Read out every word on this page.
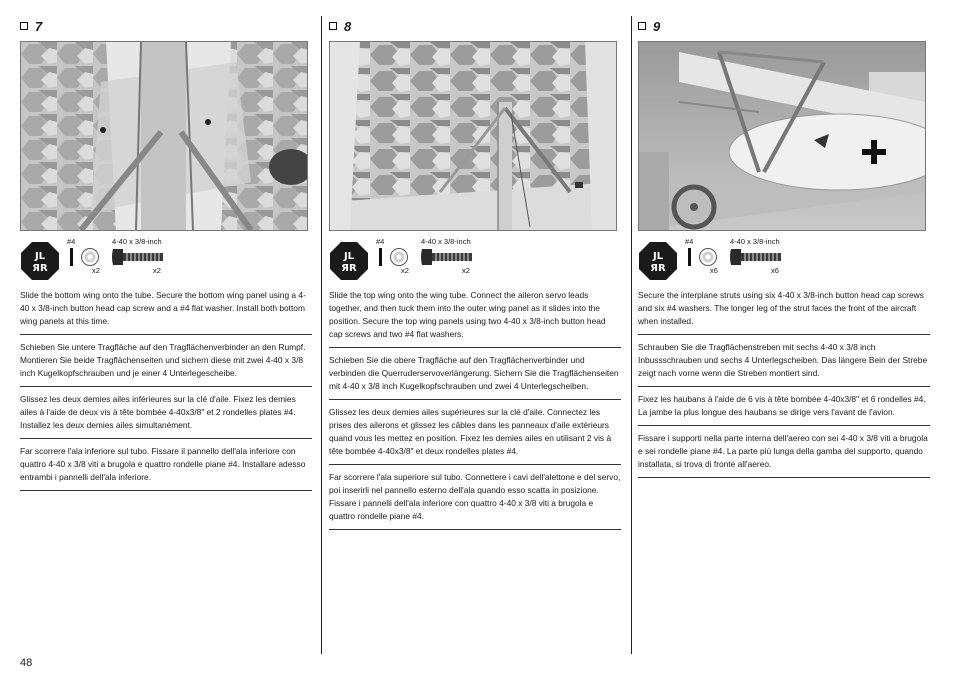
7
JL
ЯR
#4
x2
4-40 x 3/8-inch
x2
Slide the bottom wing onto the tube. Secure the bottom wing panel using a 4-40 x 3/8-inch button head cap screw and a #4 flat washer. Install both bottom wing panels at this time.
Schieben Sie untere Tragfläche auf den Tragflächenverbinder an den Rumpf. Montieren Sie beide Tragflächenseiten und sichern diese mit zwei 4-40 x 3/8 inch Kugelkopfschrauben und je einer 4 Unterlegescheibe.
Glissez les deux demies ailes inférieures sur la clé d'aile. Fixez les demies ailes à l'aide de deux vis à tête bombée 4-40x3/8" et 2 rondelles plates #4. Installez les deux demies ailes simultanément.
Far scorrere l'ala inferiore sul tubo. Fissare il pannello dell'ala inferiore con quattro 4-40 x 3/8 viti a brugola e quattro rondelle piane #4. Installare adesso entrambi i pannelli dell'ala inferiore.
8
JL
ЯR
#4
x2
4-40 x 3/8-inch
x2
Slide the top wing onto the wing tube. Connect the aileron servo leads together, and then tuck them into the outer wing panel as it slides into the position. Secure the top wing panels using two 4-40 x 3/8-inch button head cap screws and two #4 flat washers.
Schieben Sie die obere Tragfläche auf den Tragflächenverbinder und verbinden die Querruderservoverlängerung. Sichern Sie die Tragflächenseiten mit 4-40 x 3/8 inch Kugelkopfschrauben und zwei 4 Unterlegscheiben.
Glissez les deux demies ailes supérieures sur la clé d'aile. Connectez les prises des ailerons et glissez les câbles dans les panneaux d'aile extérieurs quand vous les mettez en position. Fixez les demies ailes en utilisant 2 vis à tête bombée 4-40x3/8" et deux rondelles plates #4.
Far scorrere l'ala superiore sul tubo. Connettere i cavi dell'alettone e del servo, poi inserirli nel pannello esterno dell'ala quando esso scatta in posizione. Fissare i pannelli dell'ala inferiore con quattro 4-40 x 3/8 viti a brugola e quattro rondelle piane #4.
9
JL
ЯR
#4
x6
4-40 x 3/8-inch
x6
Secure the interplane struts using six 4-40 x 3/8-inch button head cap screws and six #4 washers. The longer leg of the strut faces the front of the aircraft when installed.
Schrauben Sie die Tragflächenstreben mit sechs 4-40 x 3/8 inch Inbussschrauben und sechs 4 Unterlegscheiben. Das längere Bein der Strebe zeigt nach vorne wenn die Streben montiert sind.
Fixez les haubans à l'aide de 6 vis à tête bombée 4-40x3/8" et 6 rondelles #4. La jambe la plus longue des haubans se dirige vers l'avant de l'avion.
Fissare i supporti nella parte interna dell'aereo con sei 4-40 x 3/8 viti a brugola e sei rondelle piane #4. La parte più lunga della gamba del supporto, quando installata, si trova di fronte all'aereo.
48
